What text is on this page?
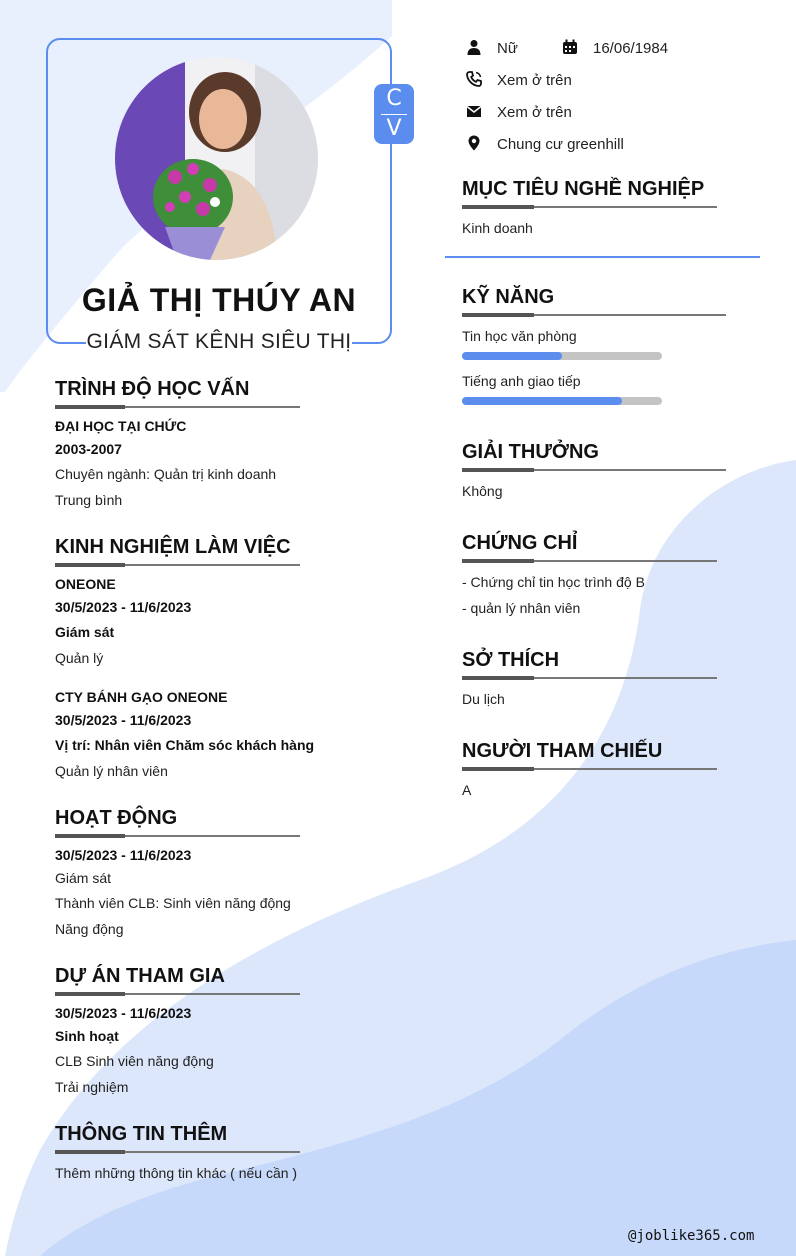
C
V
GIẢ THỊ THÚY AN
GIÁM SÁT KÊNH SIÊU THỊ
Nữ	16/06/1984
Xem ở trên
Xem ở trên
Chung cư greenhill
MỤC TIÊU NGHỀ NGHIỆP
Kinh doanh
KỸ NĂNG
Tin học văn phòng
Tiếng anh giao tiếp
GIẢI THƯỞNG
Không
CHỨNG CHỈ
- Chứng chỉ tin học trình độ B
- quản lý nhân viên
SỞ THÍCH
Du lịch
NGƯỜI THAM CHIẾU
A
TRÌNH ĐỘ HỌC VẤN
ĐẠI HỌC TẠI CHỨC
2003-2007
Chuyên ngành: Quản trị kinh doanh
Trung bình
KINH NGHIỆM LÀM VIỆC
ONEONE
30/5/2023 - 11/6/2023
Giám sát
Quản lý
CTY BÁNH GẠO ONEONE
30/5/2023 - 11/6/2023
Vị trí: Nhân viên Chăm sóc khách hàng
Quản lý nhân viên
HOẠT ĐỘNG
30/5/2023 - 11/6/2023
Giám sát
Thành viên CLB: Sinh viên năng động
Năng động
DỰ ÁN THAM GIA
30/5/2023 - 11/6/2023
Sinh hoạt
CLB Sinh viên năng động
Trải nghiệm
THÔNG TIN THÊM
Thêm những thông tin khác ( nếu cần )
@joblike365.com
